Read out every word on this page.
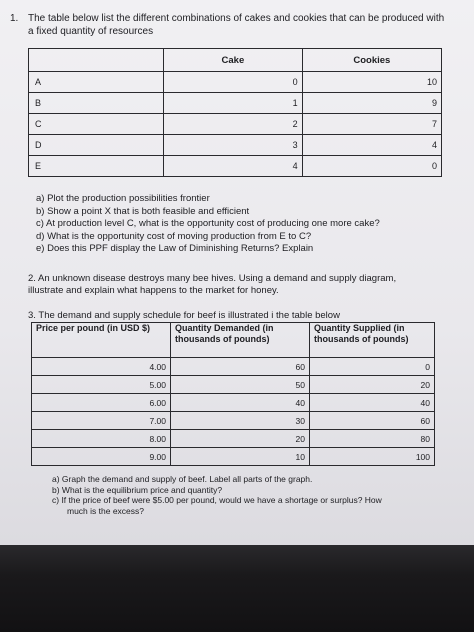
1. The table below list the different combinations of cakes and cookies that can be produced with a fixed quantity of resources
	Cake	Cookies
A	0	10
B	1	9
C	2	7
D	3	4
E	4	0
a) Plot the production possibilities frontier
b) Show a point X that is both feasible and efficient
c) At production level C, what is the opportunity cost of producing one more cake?
d) What is the opportunity cost of moving production from E to C?
e) Does this PPF display the Law of Diminishing Returns? Explain
2. An unknown disease destroys many bee hives. Using a demand and supply diagram, illustrate and explain what happens to the market for honey.
3. The demand and supply schedule for beef is illustrated i the table below
Price per pound (in USD $)	Quantity Demanded (in thousands of pounds)	Quantity Supplied (in thousands of pounds)
4.00	60	0
5.00	50	20
6.00	40	40
7.00	30	60
8.00	20	80
9.00	10	100
a) Graph the demand and supply of beef. Label all parts of the graph.
b) What is the equilibrium price and quantity?
c) If the price of beef were $5.00 per pound, would we have a shortage or surplus? How
much is the excess?
